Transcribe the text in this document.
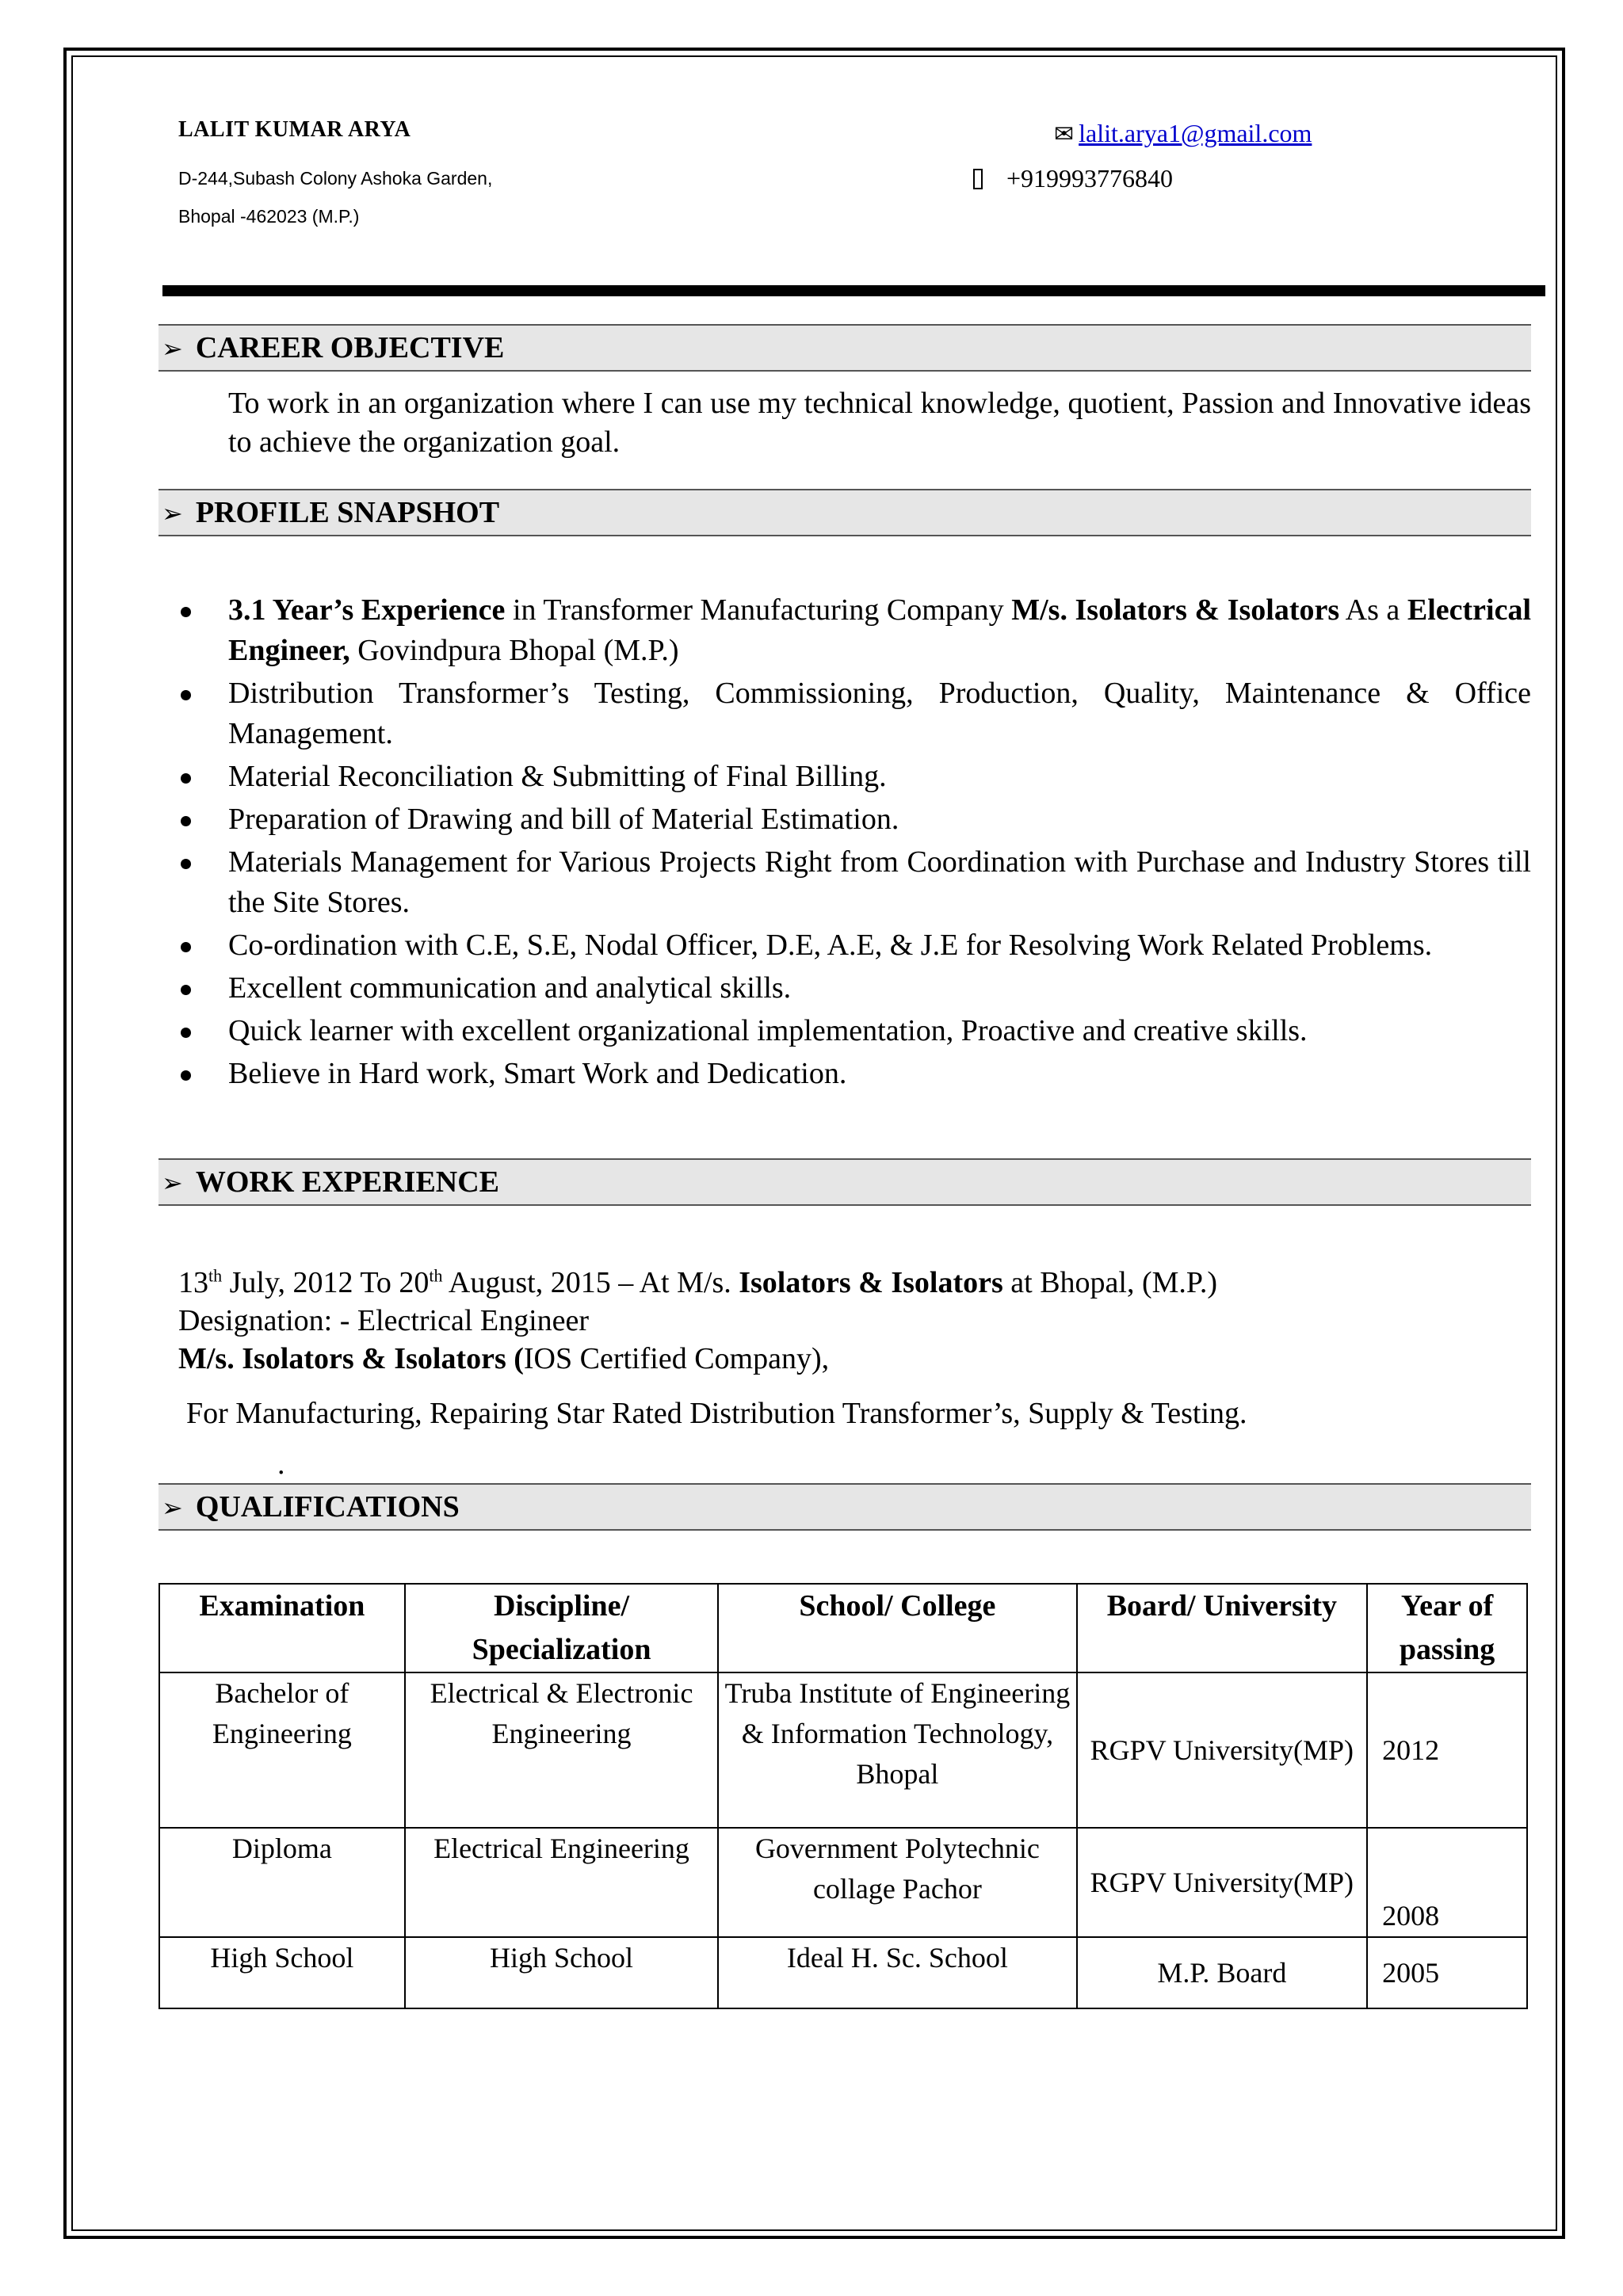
LALIT KUMAR ARYA
D-244,Subash Colony Ashoka Garden,
Bhopal -462023 (M.P.)
✉ lalit.arya1@gmail.com
+919993776840
➢ CAREER OBJECTIVE
To work in an organization where I can use my technical knowledge, quotient, Passion and Innovative ideas to achieve the organization goal.
➢ PROFILE SNAPSHOT
3.1 Year’s Experience in Transformer Manufacturing Company M/s. Isolators & Isolators As a Electrical Engineer, Govindpura Bhopal (M.P.)
Distribution Transformer’s Testing, Commissioning, Production, Quality, Maintenance & Office Management.
Material Reconciliation & Submitting of Final Billing.
Preparation of Drawing and bill of Material Estimation.
Materials Management for Various Projects Right from Coordination with Purchase and Industry Stores till the Site Stores.
Co-ordination with C.E, S.E, Nodal Officer, D.E, A.E, & J.E for Resolving Work Related Problems.
Excellent communication and analytical skills.
Quick learner with excellent organizational implementation, Proactive and creative skills.
Believe in Hard work, Smart Work and Dedication.
➢ WORK EXPERIENCE
13th July, 2012 To 20th August, 2015 – At M/s. Isolators & Isolators at Bhopal, (M.P.)
Designation: - Electrical Engineer
M/s. Isolators & Isolators (IOS Certified Company),
For Manufacturing, Repairing Star Rated Distribution Transformer’s, Supply & Testing.
.
➢ QUALIFICATIONS
Examination	Discipline/ Specialization	School/ College	Board/ University	Year of passing
Bachelor of Engineering	Electrical & Electronic Engineering	Truba Institute of Engineering & Information Technology, Bhopal	RGPV University(MP)	2012
Diploma	Electrical Engineering	Government Polytechnic collage Pachor	RGPV University(MP)	2008
High School	High School	Ideal H. Sc. School	M.P. Board	2005
